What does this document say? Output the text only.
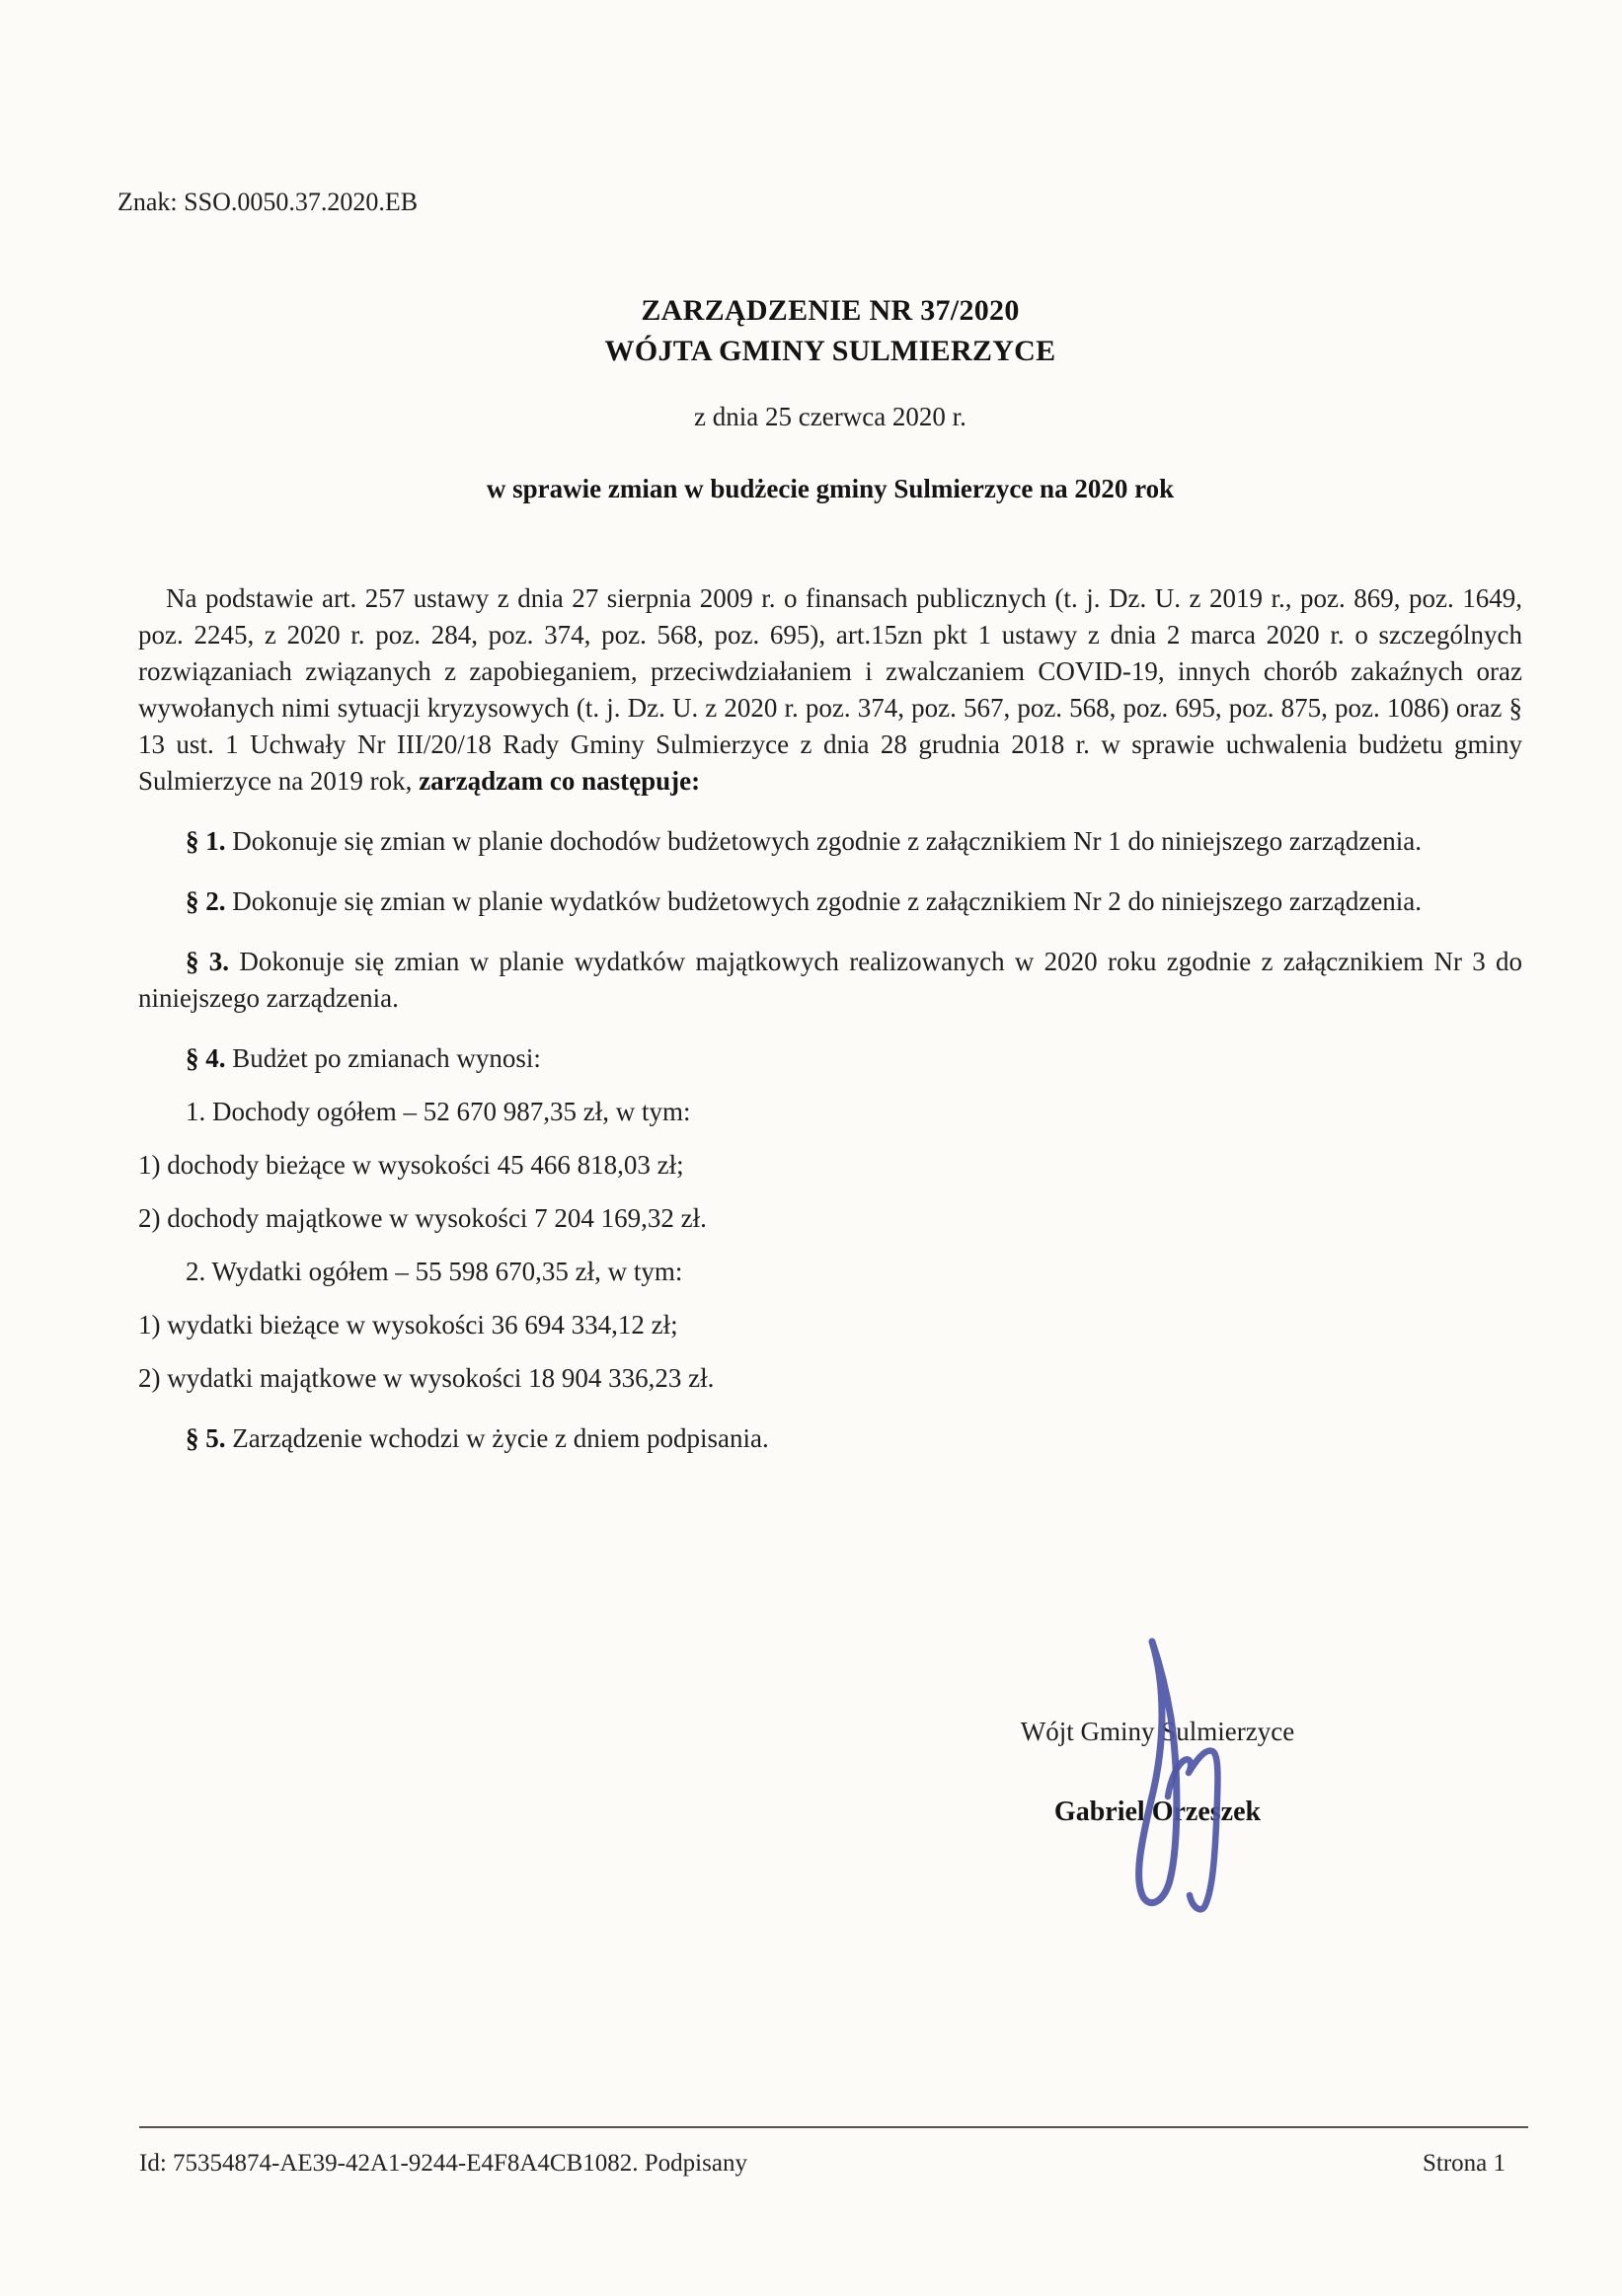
Znak: SSO.0050.37.2020.EB
ZARZĄDZENIE NR 37/2020
WÓJTA GMINY SULMIERZYCE
z dnia 25 czerwca 2020 r.
w sprawie zmian w budżecie gminy Sulmierzyce na 2020 rok

Na podstawie art. 257 ustawy z dnia 27 sierpnia 2009 r. o finansach publicznych (t. j. Dz. U. z 2019 r., poz. 869, poz. 1649, poz. 2245, z 2020 r. poz. 284, poz. 374, poz. 568, poz. 695), art.15zn pkt 1 ustawy z dnia 2 marca 2020 r. o szczególnych rozwiązaniach związanych z zapobieganiem, przeciwdziałaniem i zwalczaniem COVID-19, innych chorób zakaźnych oraz wywołanych nimi sytuacji kryzysowych (t. j. Dz. U. z 2020 r. poz. 374, poz. 567, poz. 568, poz. 695, poz. 875, poz. 1086) oraz § 13 ust. 1 Uchwały Nr III/20/18 Rady Gminy Sulmierzyce z dnia 28 grudnia 2018 r. w sprawie uchwalenia budżetu gminy Sulmierzyce na 2019 rok, zarządzam co następuje:

§ 1. Dokonuje się zmian w planie dochodów budżetowych zgodnie z załącznikiem Nr 1 do niniejszego zarządzenia.

§ 2. Dokonuje się zmian w planie wydatków budżetowych zgodnie z załącznikiem Nr 2 do niniejszego zarządzenia.

§ 3. Dokonuje się zmian w planie wydatków majątkowych realizowanych w 2020 roku zgodnie z załącznikiem Nr 3 do niniejszego zarządzenia.

§ 4. Budżet po zmianach wynosi:

1. Dochody ogółem – 52 670 987,35 zł, w tym:

1) dochody bieżące w wysokości 45 466 818,03 zł;

2) dochody majątkowe w wysokości 7 204 169,32 zł.

2. Wydatki ogółem – 55 598 670,35 zł, w tym:

1) wydatki bieżące w wysokości 36 694 334,12 zł;

2) wydatki majątkowe w wysokości 18 904 336,23 zł.

§ 5. Zarządzenie wchodzi w życie z dniem podpisania.

Wójt Gminy Sulmierzyce
Gabriel Orzeszek
Id: 75354874-AE39-42A1-9244-E4F8A4CB1082. Podpisany	Strona 1
